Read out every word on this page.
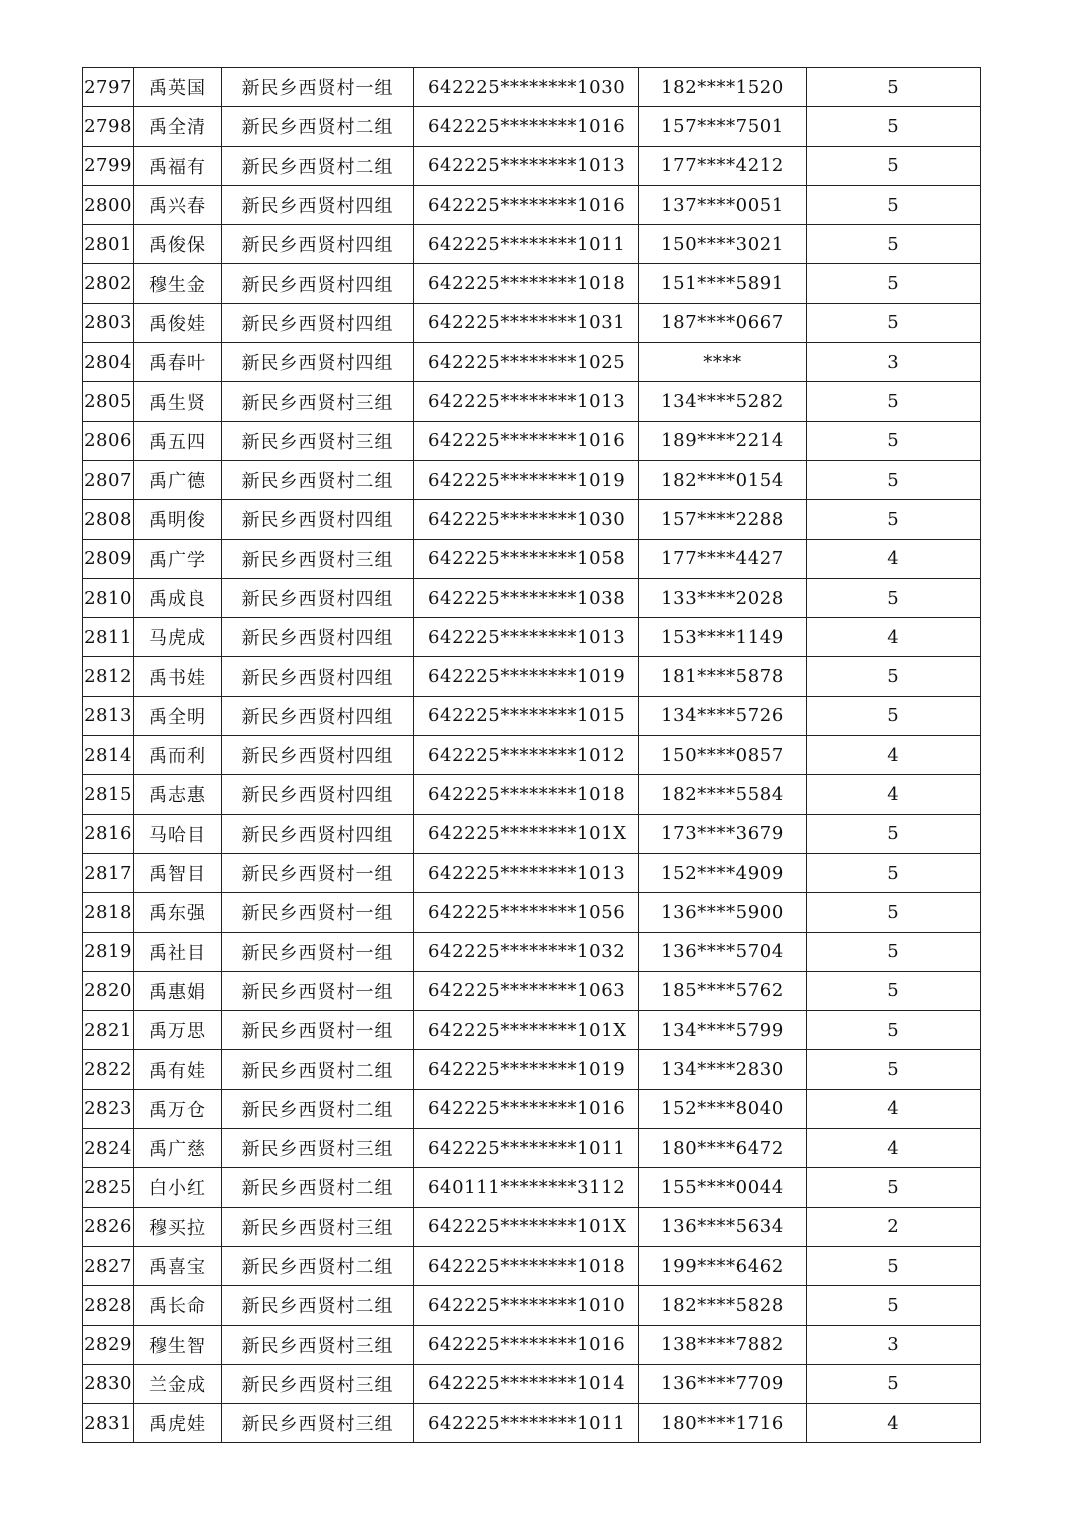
2797	禹英国	新民乡西贤村一组	642225********1030	182****1520	5
2798	禹全清	新民乡西贤村二组	642225********1016	157****7501	5
2799	禹福有	新民乡西贤村二组	642225********1013	177****4212	5
2800	禹兴春	新民乡西贤村四组	642225********1016	137****0051	5
2801	禹俊保	新民乡西贤村四组	642225********1011	150****3021	5
2802	穆生金	新民乡西贤村四组	642225********1018	151****5891	5
2803	禹俊娃	新民乡西贤村四组	642225********1031	187****0667	5
2804	禹春叶	新民乡西贤村四组	642225********1025	****	3
2805	禹生贤	新民乡西贤村三组	642225********1013	134****5282	5
2806	禹五四	新民乡西贤村三组	642225********1016	189****2214	5
2807	禹广德	新民乡西贤村二组	642225********1019	182****0154	5
2808	禹明俊	新民乡西贤村四组	642225********1030	157****2288	5
2809	禹广学	新民乡西贤村三组	642225********1058	177****4427	4
2810	禹成良	新民乡西贤村四组	642225********1038	133****2028	5
2811	马虎成	新民乡西贤村四组	642225********1013	153****1149	4
2812	禹书娃	新民乡西贤村四组	642225********1019	181****5878	5
2813	禹全明	新民乡西贤村四组	642225********1015	134****5726	5
2814	禹而利	新民乡西贤村四组	642225********1012	150****0857	4
2815	禹志惠	新民乡西贤村四组	642225********1018	182****5584	4
2816	马哈目	新民乡西贤村四组	642225********101X	173****3679	5
2817	禹智目	新民乡西贤村一组	642225********1013	152****4909	5
2818	禹东强	新民乡西贤村一组	642225********1056	136****5900	5
2819	禹社目	新民乡西贤村一组	642225********1032	136****5704	5
2820	禹惠娟	新民乡西贤村一组	642225********1063	185****5762	5
2821	禹万思	新民乡西贤村一组	642225********101X	134****5799	5
2822	禹有娃	新民乡西贤村二组	642225********1019	134****2830	5
2823	禹万仓	新民乡西贤村二组	642225********1016	152****8040	4
2824	禹广慈	新民乡西贤村三组	642225********1011	180****6472	4
2825	白小红	新民乡西贤村二组	640111********3112	155****0044	5
2826	穆买拉	新民乡西贤村三组	642225********101X	136****5634	2
2827	禹喜宝	新民乡西贤村二组	642225********1018	199****6462	5
2828	禹长命	新民乡西贤村二组	642225********1010	182****5828	5
2829	穆生智	新民乡西贤村三组	642225********1016	138****7882	3
2830	兰金成	新民乡西贤村三组	642225********1014	136****7709	5
2831	禹虎娃	新民乡西贤村三组	642225********1011	180****1716	4
